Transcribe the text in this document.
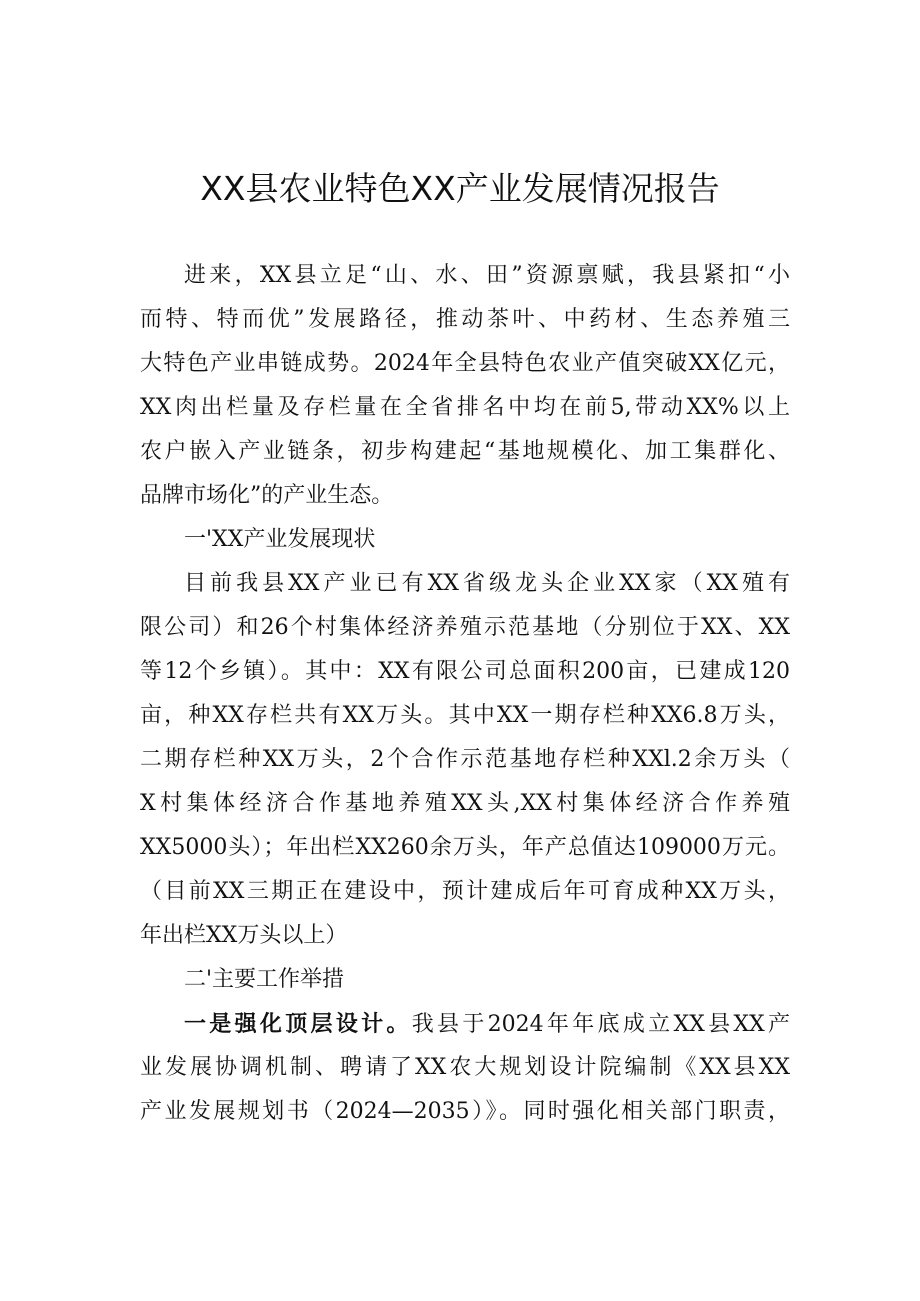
XX县农业特色XX产业发展情况报告
进来，XX县立足“山、水、田”资源禀赋，我县紧扣“小
而特、特而优”发展路径，推动茶叶、中药材、生态养殖三
大特色产业串链成势。2024年全县特色农业产值突破XX亿元，
XX肉出栏量及存栏量在全省排名中均在前5,带动XX%以上
农户嵌入产业链条，初步构建起“基地规模化、加工集群化、
品牌市场化”的产业生态。
一'XX产业发展现状
目前我县XX产业已有XX省级龙头企业XX家（XX殖有
限公司）和26个村集体经济养殖示范基地（分别位于XX、XX
等12个乡镇）。其中：XX有限公司总面积200亩，已建成120
亩，种XX存栏共有XX万头。其中XX一期存栏种XX6.8万头，
二期存栏种XX万头，2个合作示范基地存栏种XXl.2余万头（
X村集体经济合作基地养殖XX头,XX村集体经济合作养殖
XX5000头）；年出栏XX260余万头，年产总值达109000万元。
（目前XX三期正在建设中，预计建成后年可育成种XX万头，
年出栏XX万头以上）
二'主要工作举措
一是强化顶层设计。我县于2024年年底成立XX县XX产
业发展协调机制、聘请了XX农大规划设计院编制《XX县XX
产业发展规划书（2024—2035）》。同时强化相关部门职责，
